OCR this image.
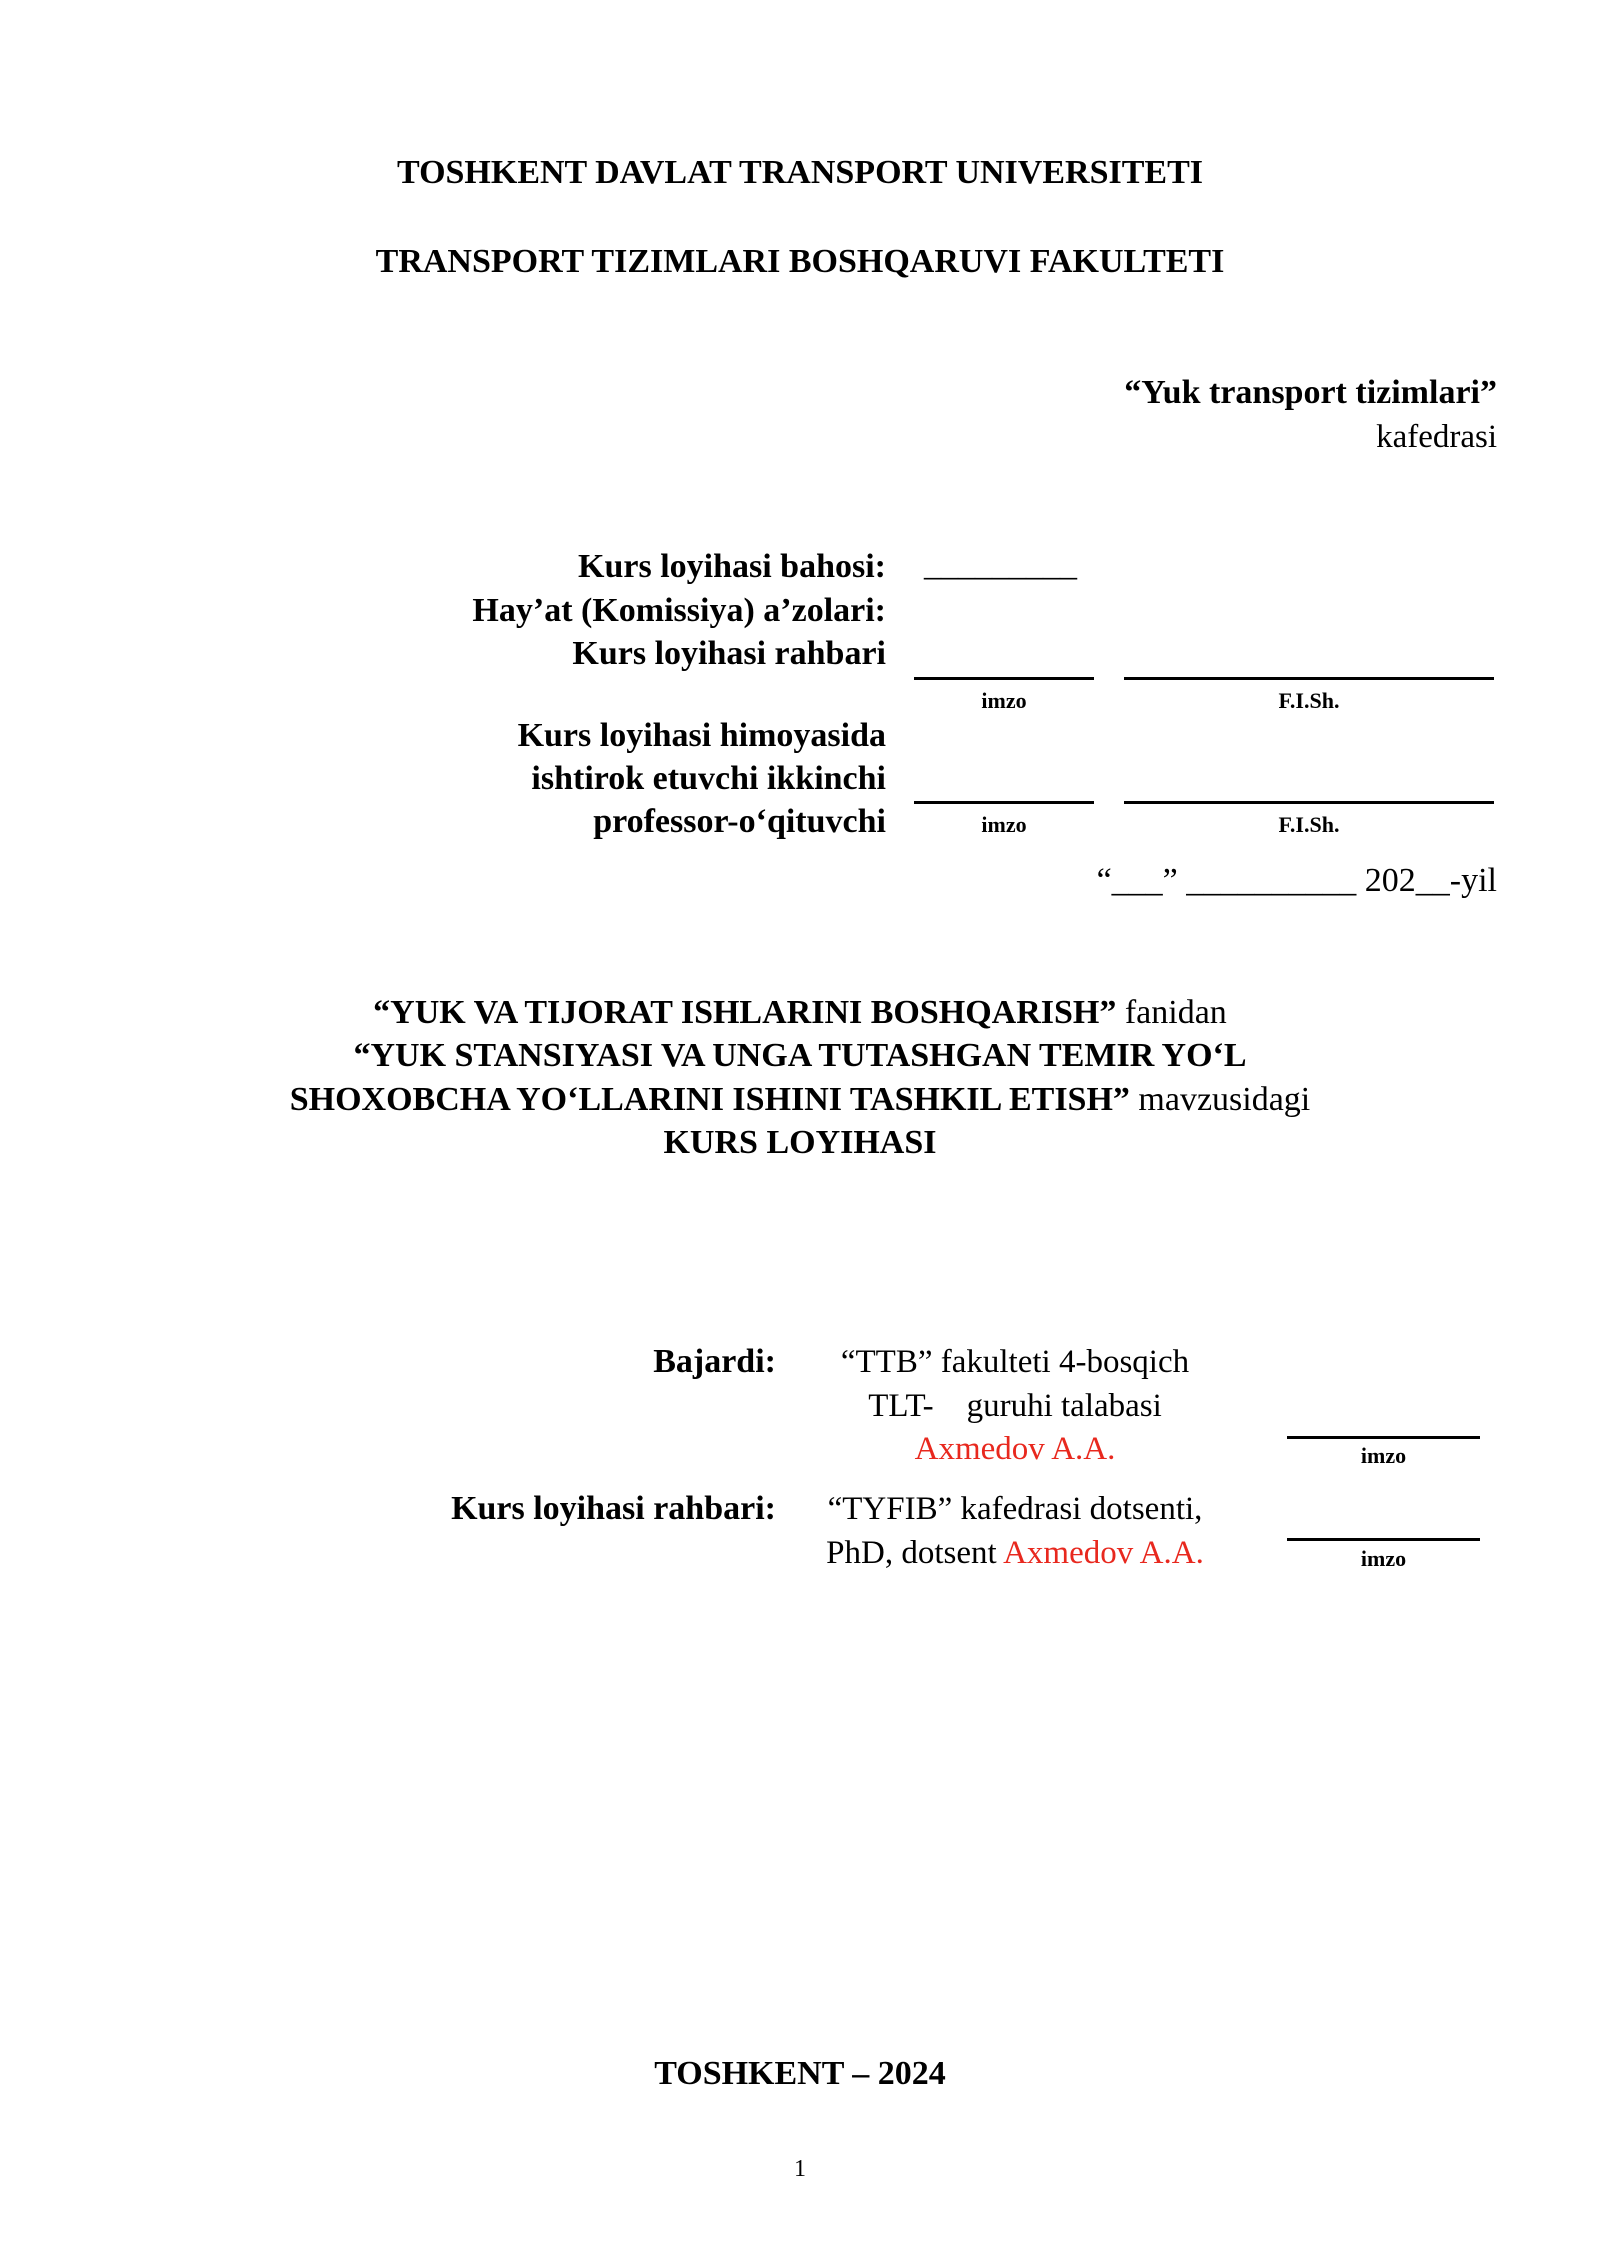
TOSHKENT DAVLAT TRANSPORT UNIVERSITETI
TRANSPORT TIZIMLARI BOSHQARUVI FAKULTETI
“Yuk transport tizimlari”
kafedrasi
Kurs loyihasi bahosi: _________
Hay’at (Komissiya) a’zolari:
Kurs loyihasi rahbari
imzo	F.I.Sh.
Kurs loyihasi himoyasida
ishtirok etuvchi ikkinchi
professor-o‘qituvchi	imzo	F.I.Sh.
“___” __________ 202__-yil
“YUK VA TIJORAT ISHLARINI BOSHQARISH” fanidan
“YUK STANSIYASI VA UNGA TUTASHGAN TEMIR YO‘L
SHOXOBCHA YO‘LLARINI ISHINI TASHKIL ETISH” mavzusidagi
KURS LOYIHASI
Bajardi:	“TTB” fakulteti 4-bosqich
TLT- guruhi talabasi
Axmedov A.A.	imzo
Kurs loyihasi rahbari:	“TYFIB” kafedrasi dotsenti,
PhD, dotsent Axmedov A.A.	imzo
TOSHKENT – 2024
1
